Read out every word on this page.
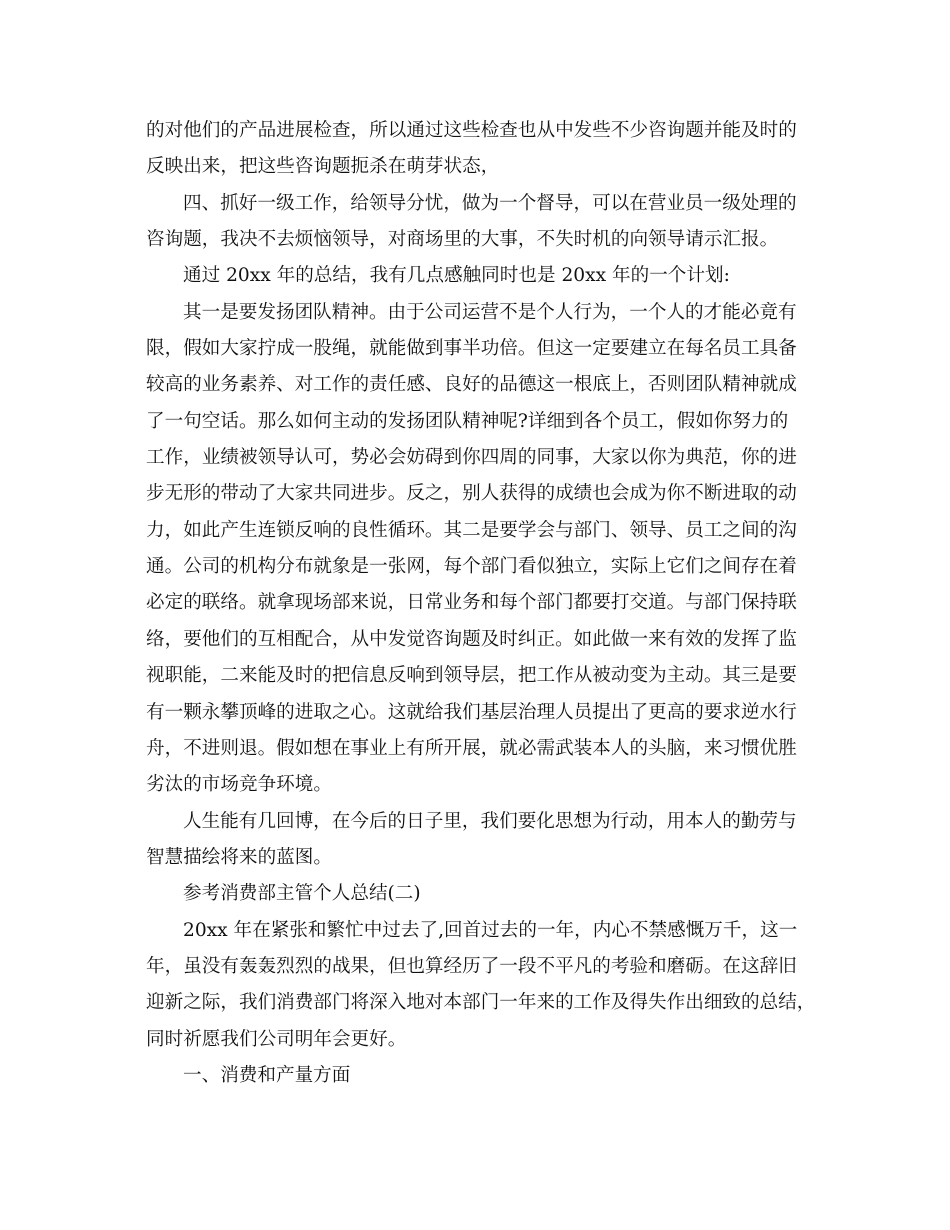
的对他们的产品进展检查，所以通过这些检查也从中发些不少咨询题并能及时的
反映出来，把这些咨询题扼杀在萌芽状态，
四、抓好一级工作，给领导分忧，做为一个督导，可以在营业员一级处理的
咨询题，我决不去烦恼领导，对商场里的大事，不失时机的向领导请示汇报。
通过 20xx 年的总结，我有几点感触同时也是 20xx 年的一个计划:
其一是要发扬团队精神。由于公司运营不是个人行为，一个人的才能必竟有
限，假如大家拧成一股绳，就能做到事半功倍。但这一定要建立在每名员工具备
较高的业务素养、对工作的责任感、良好的品德这一根底上，否则团队精神就成
了一句空话。那么如何主动的发扬团队精神呢?详细到各个员工，假如你努力的
工作，业绩被领导认可，势必会妨碍到你四周的同事，大家以你为典范，你的进
步无形的带动了大家共同进步。反之，别人获得的成绩也会成为你不断进取的动
力，如此产生连锁反响的良性循环。其二是要学会与部门、领导、员工之间的沟
通。公司的机构分布就象是一张网，每个部门看似独立，实际上它们之间存在着
必定的联络。就拿现场部来说，日常业务和每个部门都要打交道。与部门保持联
络，要他们的互相配合，从中发觉咨询题及时纠正。如此做一来有效的发挥了监
视职能，二来能及时的把信息反响到领导层，把工作从被动变为主动。其三是要
有一颗永攀顶峰的进取之心。这就给我们基层治理人员提出了更高的要求逆水行
舟，不进则退。假如想在事业上有所开展，就必需武装本人的头脑，来习惯优胜
劣汰的市场竞争环境。
人生能有几回博，在今后的日子里，我们要化思想为行动，用本人的勤劳与
智慧描绘将来的蓝图。
参考消费部主管个人总结(二)
20xx 年在紧张和繁忙中过去了,回首过去的一年，内心不禁感慨万千，这一
年，虽没有轰轰烈烈的战果，但也算经历了一段不平凡的考验和磨砺。在这辞旧
迎新之际，我们消费部门将深入地对本部门一年来的工作及得失作出细致的总结，
同时祈愿我们公司明年会更好。
一、消费和产量方面
